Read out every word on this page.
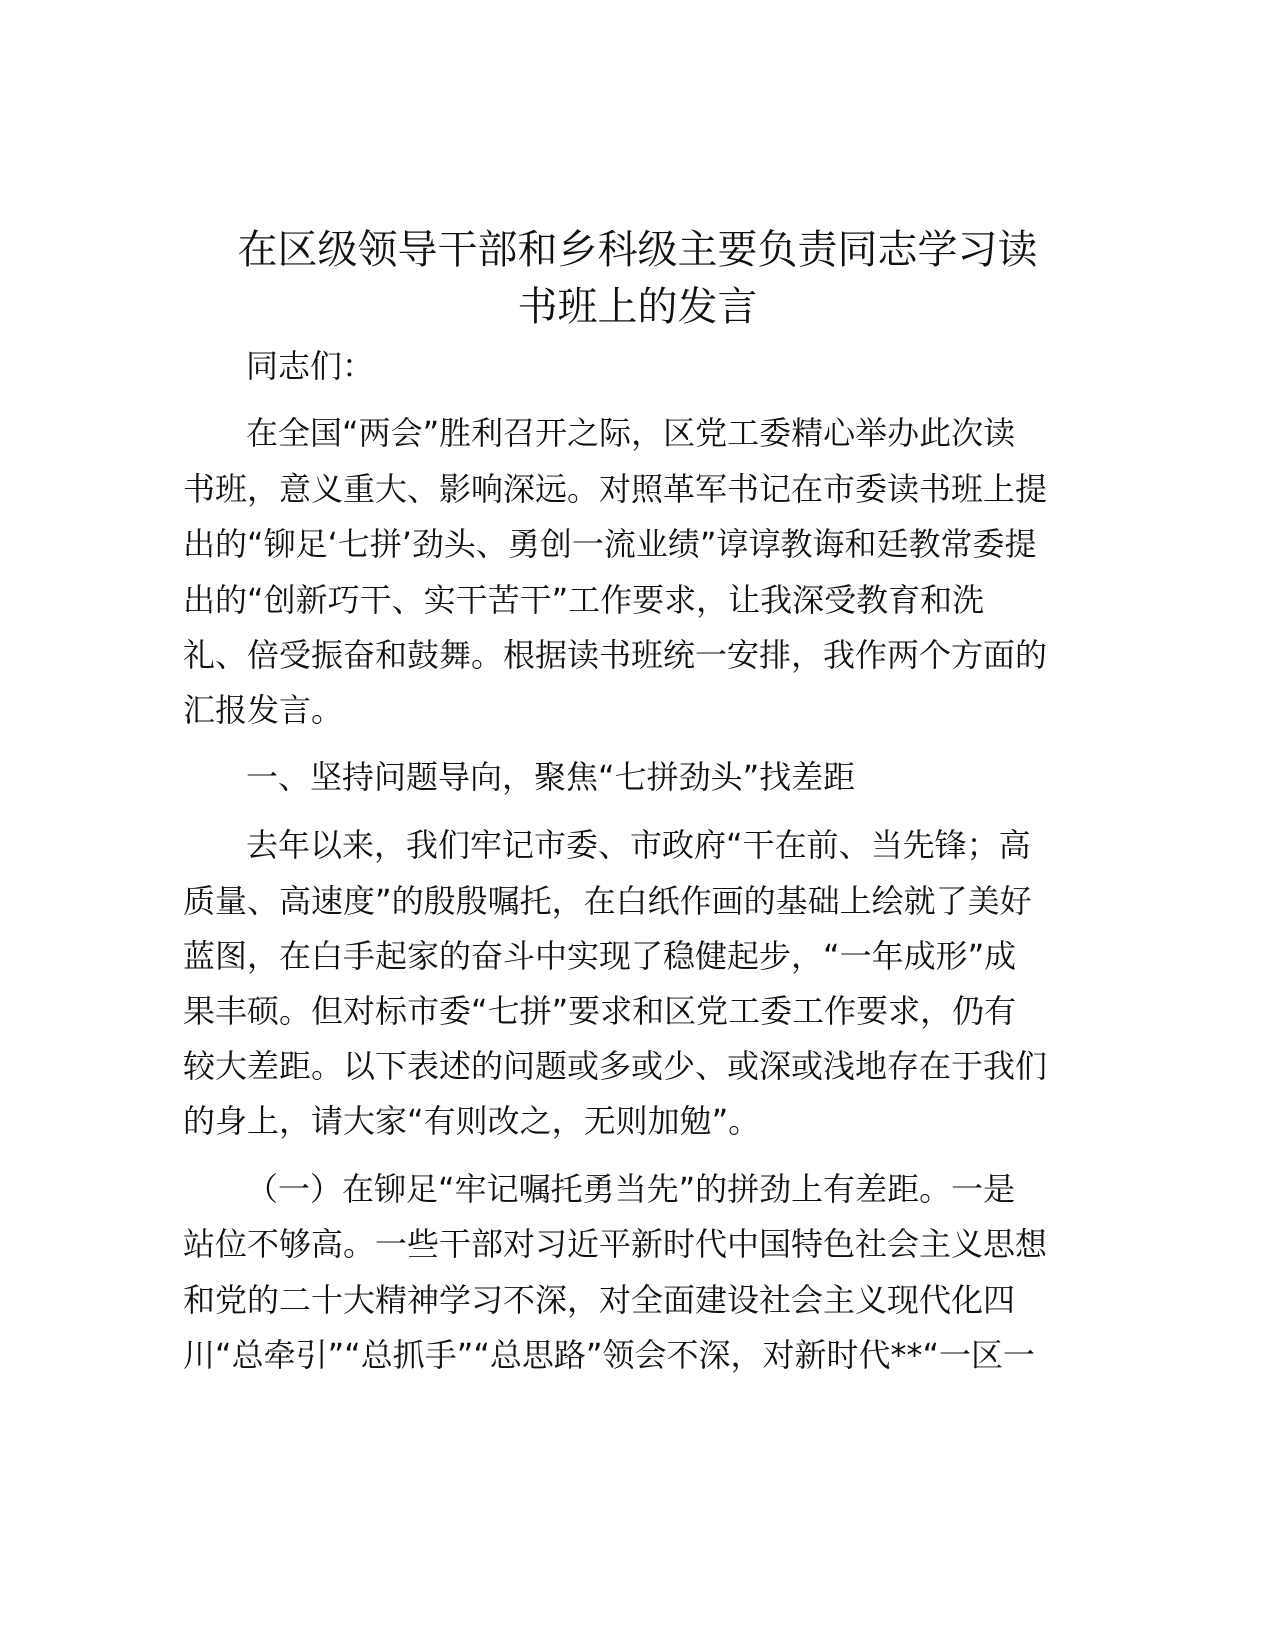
在区级领导干部和乡科级主要负责同志学习读
书班上的发言
同志们：
在全国“两会”胜利召开之际，区党工委精心举办此次读
书班，意义重大、影响深远。对照革军书记在市委读书班上提
出的“铆足‘七拼’劲头、勇创一流业绩”谆谆教诲和廷教常委提
出的“创新巧干、实干苦干”工作要求，让我深受教育和洗
礼、倍受振奋和鼓舞。根据读书班统一安排，我作两个方面的
汇报发言。
一、坚持问题导向，聚焦“七拼劲头”找差距
去年以来，我们牢记市委、市政府“干在前、当先锋；高
质量、高速度”的殷殷嘱托，在白纸作画的基础上绘就了美好
蓝图，在白手起家的奋斗中实现了稳健起步，“一年成形”成
果丰硕。但对标市委“七拼”要求和区党工委工作要求，仍有
较大差距。以下表述的问题或多或少、或深或浅地存在于我们
的身上，请大家“有则改之，无则加勉”。
（一）在铆足“牢记嘱托勇当先”的拼劲上有差距。一是
站位不够高。一些干部对习近平新时代中国特色社会主义思想
和党的二十大精神学习不深，对全面建设社会主义现代化四
川“总牵引”“总抓手”“总思路”领会不深，对新时代**“一区一
